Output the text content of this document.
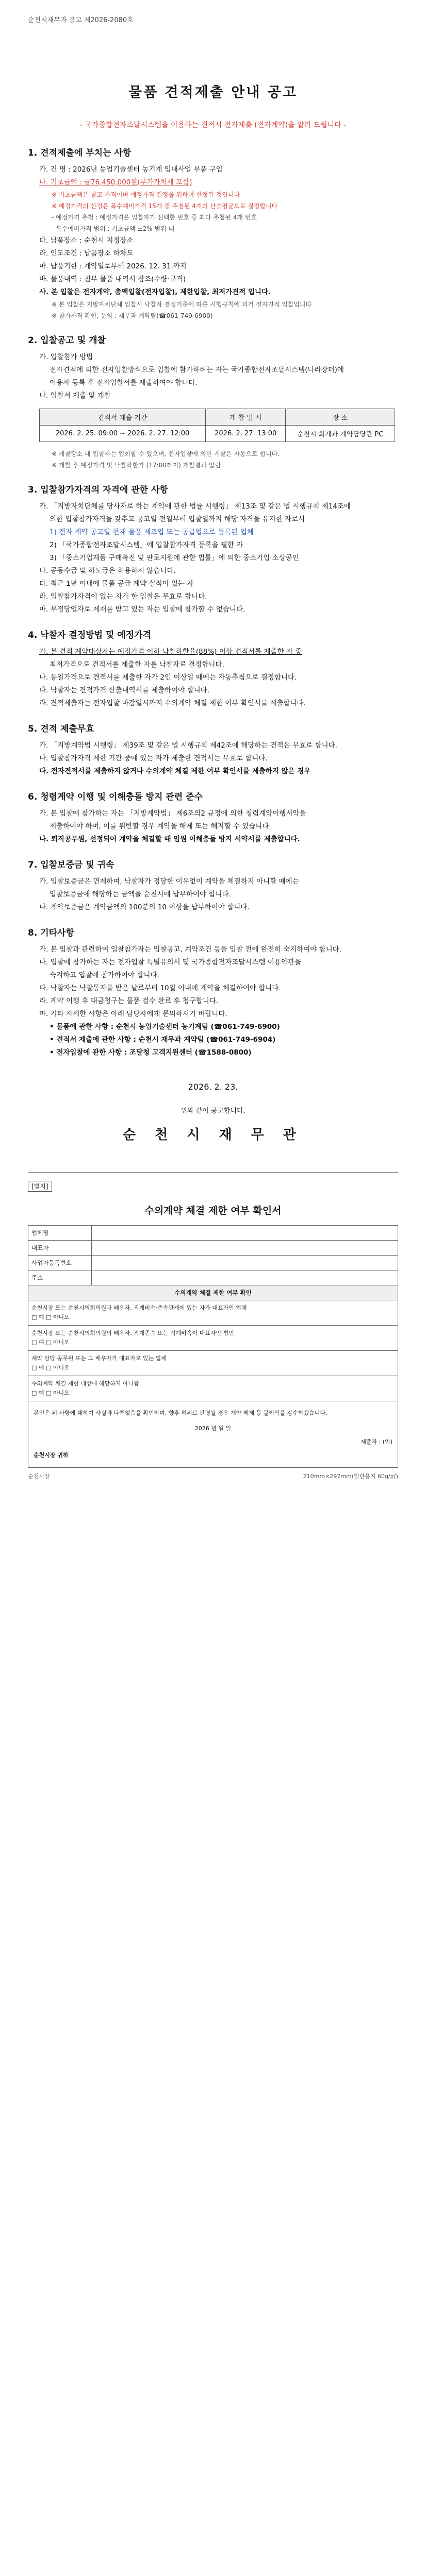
순천시재무과 공고 제2026-2080호
물품 견적제출 안내 공고
- 국가종합전자조달시스템을 이용하는 견적서 전자제출 (전자계약)을 알려 드립니다 -
1. 견적제출에 부치는 사항
가. 건 명 : 2026년 농업기술센터 농기계 임대사업 부품 구입
나. 기초금액 : 금76,450,000원(부가가치세 포함)
※ 기초금액은 참고 가격이며 예정가격 결정을 위하여 산정된 것입니다
※ 예정가격의 산정은 복수예비가격 15개 중 추첨된 4개의 산술평균으로 결정합니다
- 예정가격 추첨 : 예정가격은 입찰자가 선택한 번호 중 최다 추첨된 4개 번호
- 복수예비가격 범위 : 기초금액 ±2% 범위 내
다. 납품장소 : 순천시 지정장소
라. 인도조건 : 납품장소 하차도
마. 납품기한 : 계약일로부터 2026. 12. 31.까지
바. 물품내역 : 첨부 물품 내역서 참조(수량·규격)
사. 본 입찰은 전자계약, 총액입찰(전자입찰), 제한입찰, 최저가견적 입니다.
※ 본 입찰은 지방자치단체 입찰시 낙찰자 결정기준에 따른 시행규칙에 의거 전자견적 입찰입니다
※ 참가자격 확인, 문의 : 재무과 계약팀(☎061-749-6900)
2. 입찰공고 및 개찰
가. 입찰참가 방법
전자견적에 의한 전자입찰방식으로 입찰에 참가하려는 자는 국가종합전자조달시스템(나라장터)에
이용자 등록 후 전자입찰서를 제출하여야 합니다.
나. 입찰서 제출 및 개찰
견적서 제출 기간	개 찰 일 시	장 소
2026. 2. 25. 09:00 ~ 2026. 2. 27. 12:00	2026. 2. 27. 13:00	순천시 회계과 계약담당관 PC
※ 개찰장소 내 입찰자는 입회할 수 있으며, 전자입찰에 의한 개찰은 자동으로 합니다.
※ 개찰 후 예정가격 및 낙찰하한가 (17:00까지) 개찰결과 알림
3. 입찰참가자격의 자격에 관한 사항
가. 「지방자치단체를 당사자로 하는 계약에 관한 법률 시행령」 제13조 및 같은 법 시행규칙 제14조에
의한 입찰참가자격을 갖추고 공고일 전일부터 입찰일까지 해당 자격을 유지한 자로서
1) 전자 계약 공고일 현재 물품 제조업 또는 공급업으로 등록된 업체
2) 「국가종합전자조달시스템」에 입찰참가자격 등록을 필한 자
3) 「중소기업제품 구매촉진 및 판로지원에 관한 법률」에 의한 중소기업·소상공인
나. 공동수급 및 하도급은 허용하지 않습니다.
다. 최근 1년 이내에 물품 공급 계약 실적이 있는 자
라. 입찰참가자격이 없는 자가 한 입찰은 무효로 합니다.
마. 부정당업자로 제재를 받고 있는 자는 입찰에 참가할 수 없습니다.
4. 낙찰자 결정방법 및 예정가격
가. 본 견적 계약대상자는 예정가격 이하 낙찰하한율(88%) 이상 견적서를 제출한 자 중
최저가격으로 견적서를 제출한 자를 낙찰자로 결정합니다.
나. 동일가격으로 견적서를 제출한 자가 2인 이상일 때에는 자동추첨으로 결정합니다.
다. 낙찰자는 견적가격 산출내역서를 제출하여야 합니다.
라. 견적제출자는 전자입찰 마감일시까지 수의계약 체결 제한 여부 확인서를 제출합니다.
5. 견적 제출무효
가. 「지방계약법 시행령」 제39조 및 같은 법 시행규칙 제42조에 해당하는 견적은 무효로 합니다.
나. 입찰참가자격 제한 기간 중에 있는 자가 제출한 견적서는 무효로 합니다.
다. 전자견적서를 제출하지 않거나 수의계약 체결 제한 여부 확인서를 제출하지 않은 경우
6. 청렴계약 이행 및 이해충돌 방지 관련 준수
가. 본 입찰에 참가하는 자는 「지방계약법」 제6조의2 규정에 의한 청렴계약이행서약을
제출하여야 하며, 이를 위반할 경우 계약을 해제 또는 해지할 수 있습니다.
나. 퇴직공무원, 선정되어 계약을 체결할 때 임원 이해충돌 방지 서약서를 제출합니다.
7. 입찰보증금 및 귀속
가. 입찰보증금은 면제하며, 낙찰자가 정당한 이유없이 계약을 체결하지 아니할 때에는
입찰보증금에 해당하는 금액을 순천시에 납부하여야 합니다.
나. 계약보증금은 계약금액의 100분의 10 이상을 납부하여야 합니다.
8. 기타사항
가. 본 입찰과 관련하여 입찰참가자는 입찰공고, 계약조건 등을 입찰 전에 완전히 숙지하여야 합니다.
나. 입찰에 참가하는 자는 전자입찰 특별유의서 및 국가종합전자조달시스템 이용약관을
숙지하고 입찰에 참가하여야 합니다.
다. 낙찰자는 낙찰통지를 받은 날로부터 10일 이내에 계약을 체결하여야 합니다.
라. 계약 이행 후 대금청구는 물품 검수 완료 후 청구합니다.
마. 기타 자세한 사항은 아래 담당자에게 문의하시기 바랍니다.
• 물품에 관한 사항 : 순천시 농업기술센터 농기계팀 (☎061-749-6900)
• 견적서 제출에 관한 사항 : 순천시 재무과 계약팀 (☎061-749-6904)
• 전자입찰에 관한 사항 : 조달청 고객지원센터 (☎1588-0800)
2026. 2. 23.
위와 같이 공고합니다.
순 천 시 재 무 관
[별지]
수의계약 체결 제한 여부 확인서
업체명	
대표자	
사업자등록번호	
주소	
수의계약 체결 제한 여부 확인	

순천시장 또는 순천시의회의원과 배우자, 직계비속·존속관계에 있는 자가 대표자인 업체
□ 예 □ 아니오	

순천시장 또는 순천시의회의원의 배우자, 직계존속 또는 직계비속이 대표자인 법인
□ 예 □ 아니오	

계약 담당 공무원 또는 그 배우자가 대표자로 있는 업체
□ 예 □ 아니오	

수의계약 체결 제한 대상에 해당하지 아니함
□ 예 □ 아니오	

본인은 위 사항에 대하여 사실과 다름없음을 확인하며, 향후 허위로 판명될 경우 계약 해제 등 불이익을 감수하겠습니다.
2026 년 월 일
제출자 : (인)
순천시장 귀하	
순천시장	210mm×297mm(일반용지 60g/㎡)
